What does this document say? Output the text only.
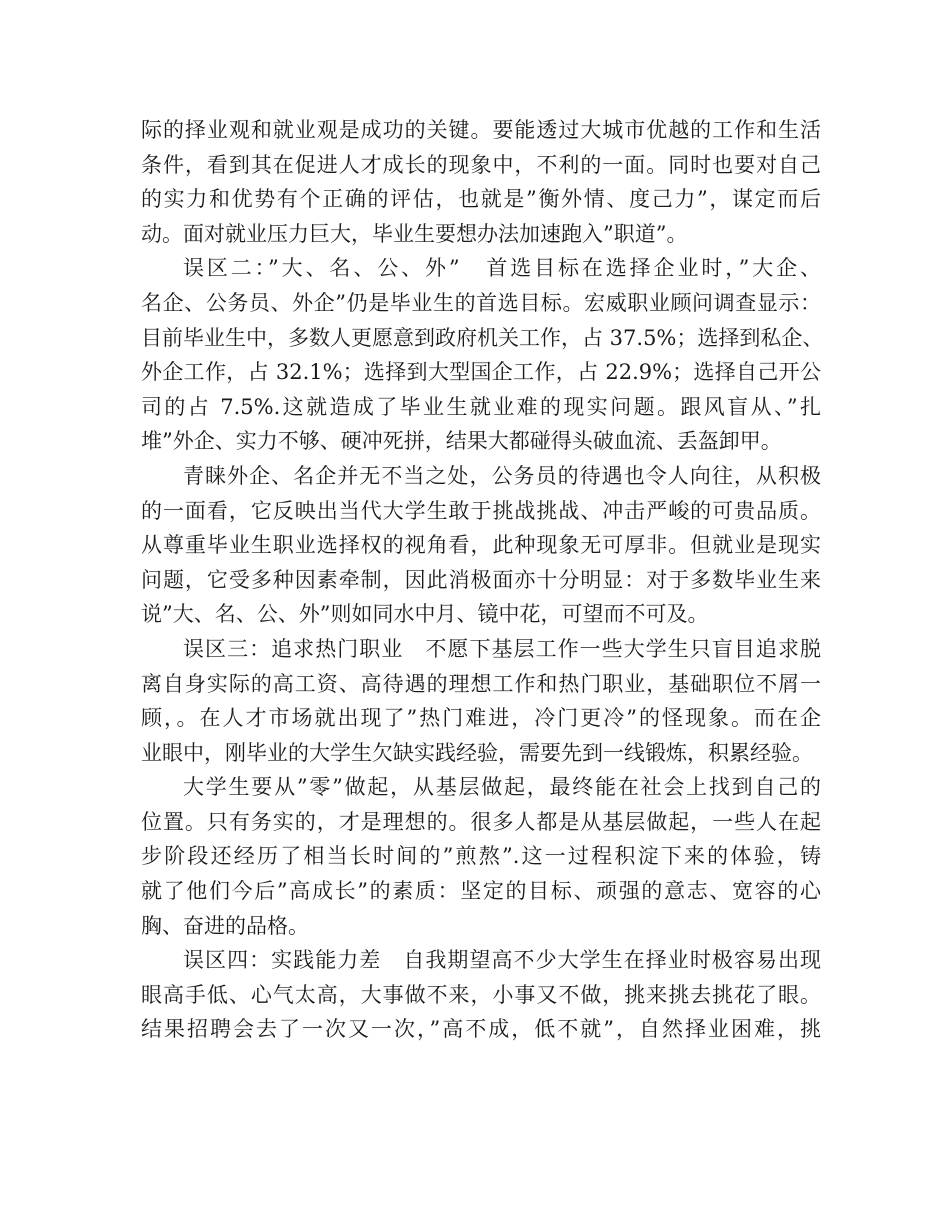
际的择业观和就业观是成功的关键。要能透过大城市优越的工作和生活
条件，看到其在促进人才成长的现象中，不利的一面。同时也要对自己
的实力和优势有个正确的评估，也就是”衡外情、度己力”，谋定而后
动。面对就业压力巨大，毕业生要想办法加速跑入”职道”。
误区二：”大、名、公、外”　首选目标在选择企业时，”大企、
名企、公务员、外企”仍是毕业生的首选目标。宏威职业顾问调查显示：
目前毕业生中，多数人更愿意到政府机关工作，占 37.5%；选择到私企、
外企工作，占 32.1%；选择到大型国企工作，占 22.9%；选择自己开公
司的占 7.5%.这就造成了毕业生就业难的现实问题。跟风盲从、”扎
堆”外企、实力不够、硬冲死拼，结果大都碰得头破血流、丢盔卸甲。
青睐外企、名企并无不当之处，公务员的待遇也令人向往，从积极
的一面看，它反映出当代大学生敢于挑战挑战、冲击严峻的可贵品质。
从尊重毕业生职业选择权的视角看，此种现象无可厚非。但就业是现实
问题，它受多种因素牵制，因此消极面亦十分明显：对于多数毕业生来
说”大、名、公、外”则如同水中月、镜中花，可望而不可及。
误区三：追求热门职业　不愿下基层工作一些大学生只盲目追求脱
离自身实际的高工资、高待遇的理想工作和热门职业，基础职位不屑一
顾，。在人才市场就出现了”热门难进，冷门更冷”的怪现象。而在企
业眼中，刚毕业的大学生欠缺实践经验，需要先到一线锻炼，积累经验。
大学生要从”零”做起，从基层做起，最终能在社会上找到自己的
位置。只有务实的，才是理想的。很多人都是从基层做起，一些人在起
步阶段还经历了相当长时间的”煎熬”.这一过程积淀下来的体验，铸
就了他们今后”高成长”的素质：坚定的目标、顽强的意志、宽容的心
胸、奋进的品格。
误区四：实践能力差　自我期望高不少大学生在择业时极容易出现
眼高手低、心气太高，大事做不来，小事又不做，挑来挑去挑花了眼。
结果招聘会去了一次又一次，”高不成，低不就”，自然择业困难，挑
